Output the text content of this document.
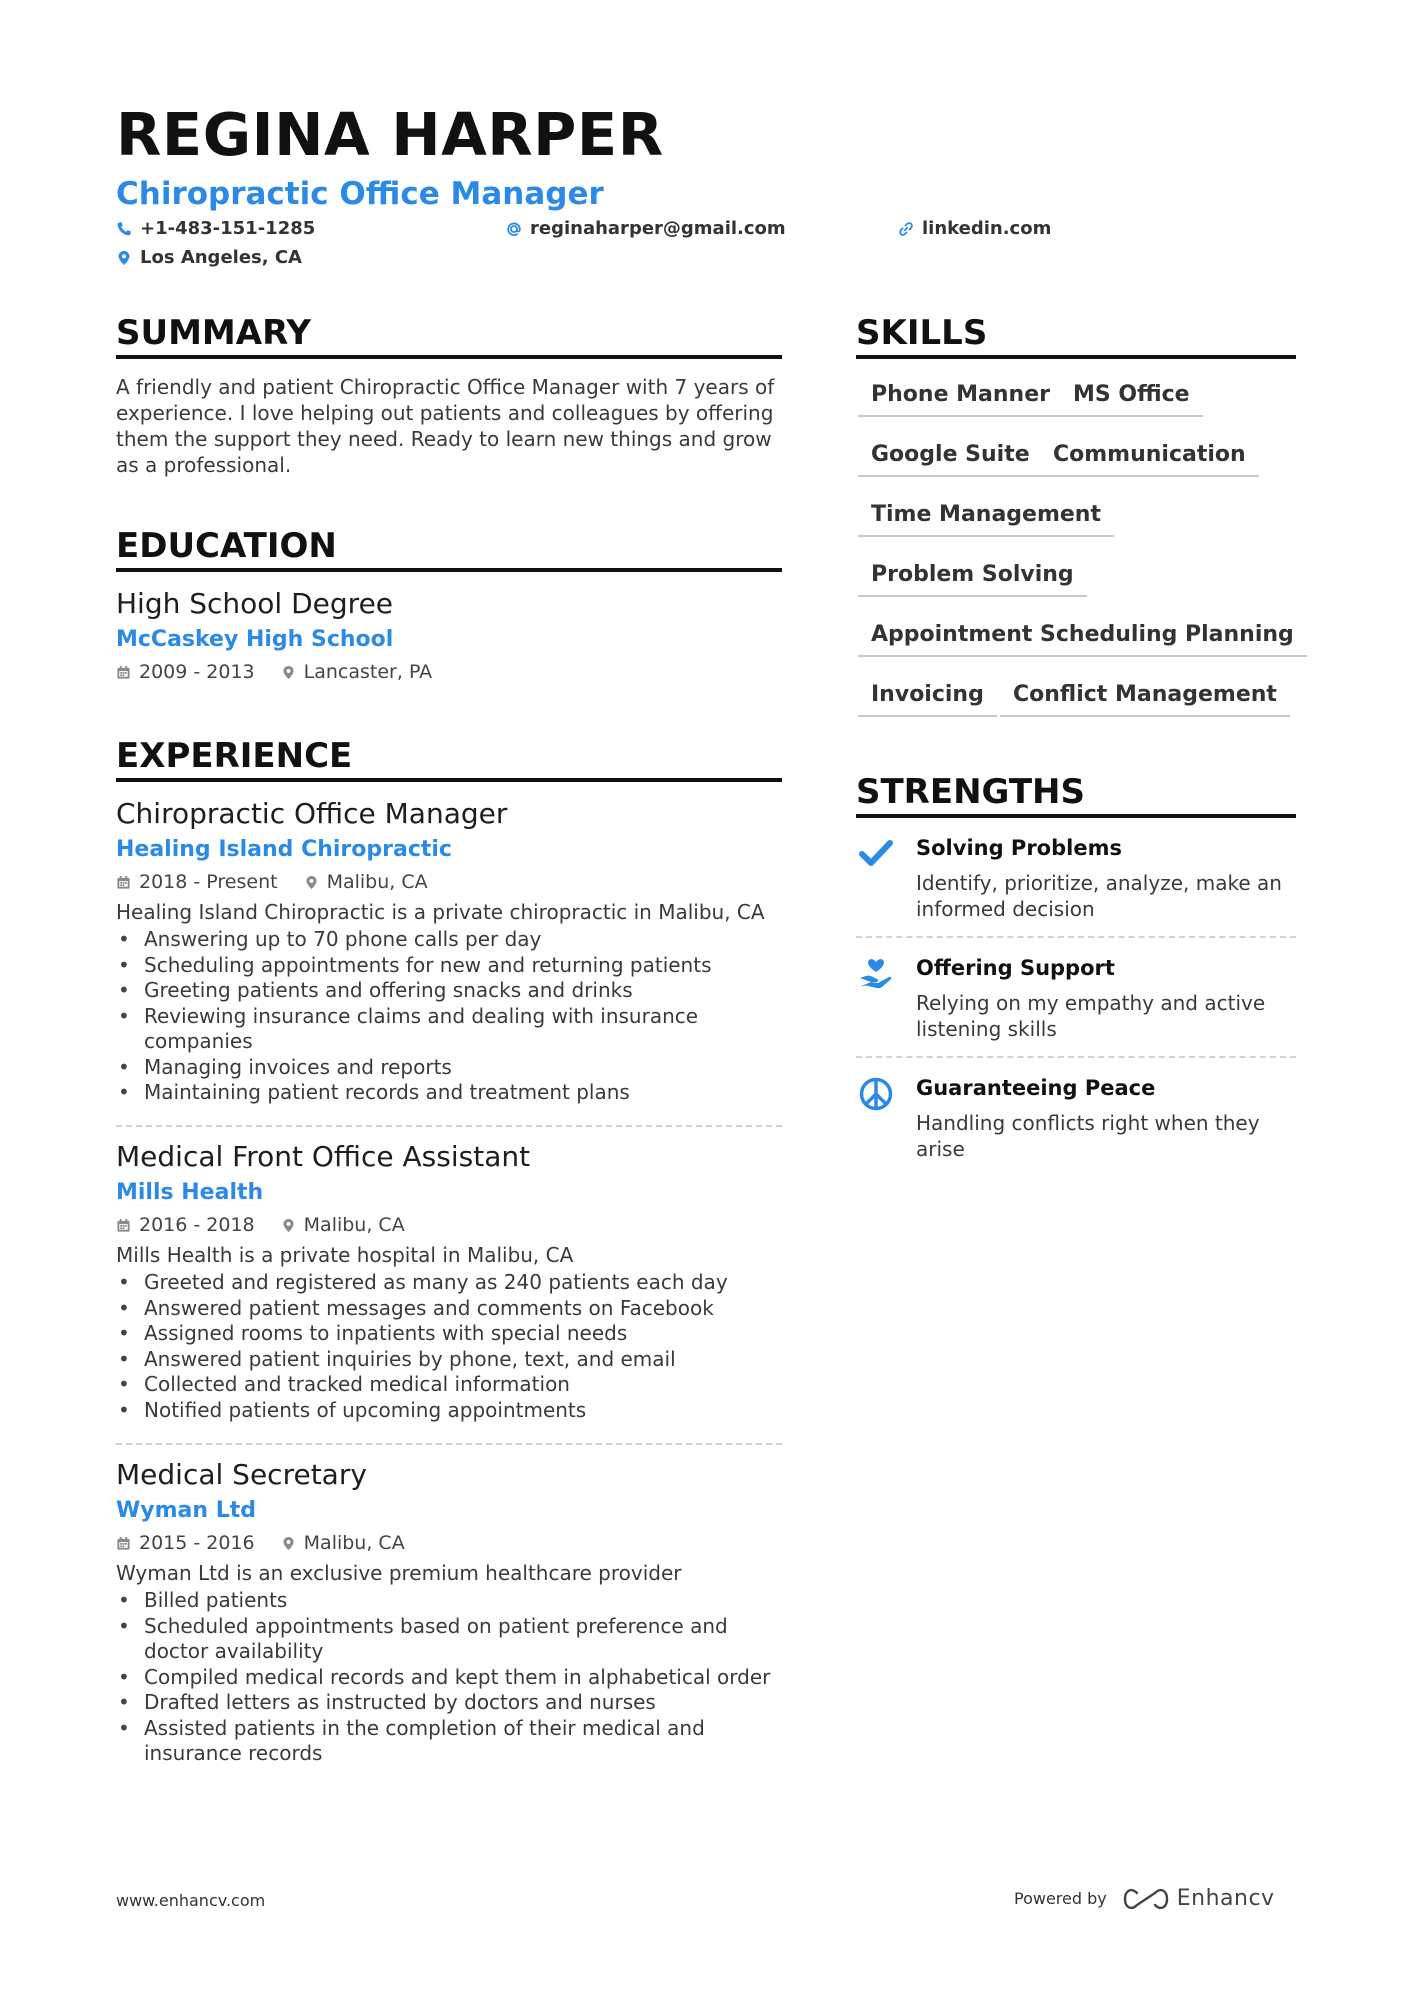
REGINA HARPER
Chiropractic Office Manager
+1-483-151-1285	reginaharper@gmail.com	linkedin.com
Los Angeles, CA
SUMMARY
A friendly and patient Chiropractic Office Manager with 7 years of experience. I love helping out patients and colleagues by offering them the support they need. Ready to learn new things and grow as a professional.
EDUCATION
High School Degree
McCaskey High School
2009 - 2013	Lancaster, PA
EXPERIENCE
Chiropractic Office Manager
Healing Island Chiropractic
2018 - Present	Malibu, CA
Healing Island Chiropractic is a private chiropractic in Malibu, CA
• Answering up to 70 phone calls per day
• Scheduling appointments for new and returning patients
• Greeting patients and offering snacks and drinks
• Reviewing insurance claims and dealing with insurance companies
• Managing invoices and reports
• Maintaining patient records and treatment plans
Medical Front Office Assistant
Mills Health
2016 - 2018	Malibu, CA
Mills Health is a private hospital in Malibu, CA
• Greeted and registered as many as 240 patients each day
• Answered patient messages and comments on Facebook
• Assigned rooms to inpatients with special needs
• Answered patient inquiries by phone, text, and email
• Collected and tracked medical information
• Notified patients of upcoming appointments
Medical Secretary
Wyman Ltd
2015 - 2016	Malibu, CA
Wyman Ltd is an exclusive premium healthcare provider
• Billed patients
• Scheduled appointments based on patient preference and doctor availability
• Compiled medical records and kept them in alphabetical order
• Drafted letters as instructed by doctors and nurses
• Assisted patients in the completion of their medical and insurance records
SKILLS
Phone Manner	MS Office
Google Suite	Communication
Time Management
Problem Solving
Appointment Scheduling Planning
Invoicing	Conflict Management
STRENGTHS
Solving Problems
Identify, prioritize, analyze, make an informed decision
Offering Support
Relying on my empathy and active listening skills
Guaranteeing Peace
Handling conflicts right when they arise
www.enhancv.com	Powered by	Enhancv
